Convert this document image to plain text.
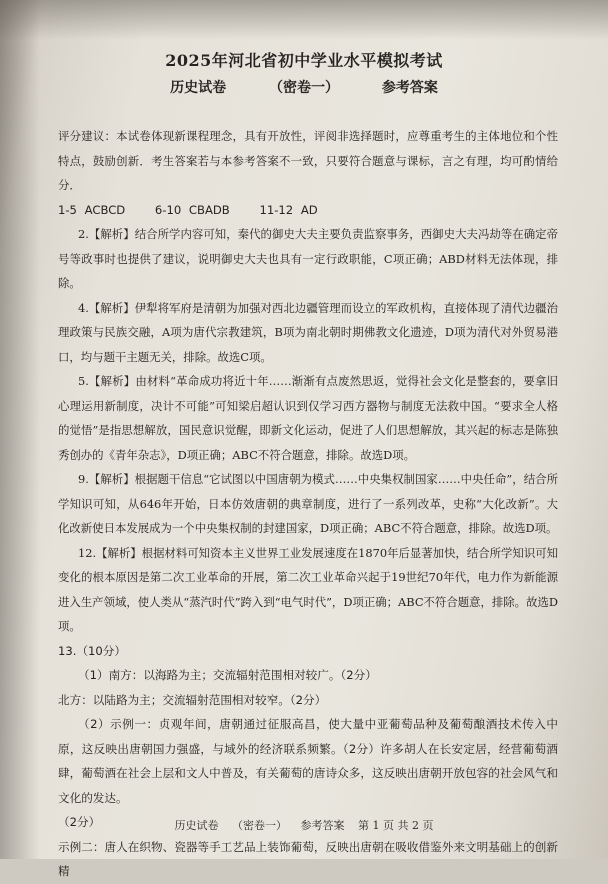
2025年河北省初中学业水平模拟考试
历史试卷	（密卷一）	参考答案

评分建议：本试卷体现新课程理念，具有开放性，评阅非选择题时，应尊重考生的主体地位和个性特点，鼓励创新．考生答案若与本参考答案不一致，只要符合题意与课标，言之有理，均可酌情给分．

1-5 ACBCD	6-10 CBADB	11-12 AD

2.【解析】结合所学内容可知，秦代的御史大夫主要负责监察事务，西御史大夫冯劫等在确定帝号等政事时也提供了建议，说明御史大夫也具有一定行政职能，C项正确；ABD材料无法体现，排除。

4.【解析】伊犁将军府是清朝为加强对西北边疆管理而设立的军政机构，直接体现了清代边疆治理政策与民族交融，A项为唐代宗教建筑，B项为南北朝时期佛教文化遗迹，D项为清代对外贸易港口，均与题干主题无关，排除。故选C项。

5.【解析】由材料“革命成功将近十年……渐渐有点废然思返，觉得社会文化是整套的，要拿旧心理运用新制度，决计不可能”可知梁启超认识到仅学习西方器物与制度无法救中国。“要求全人格的觉悟”是指思想解放，国民意识觉醒，即新文化运动，促进了人们思想解放，其兴起的标志是陈独秀创办的《青年杂志》，D项正确；ABC不符合题意，排除。故选D项。

9.【解析】根据题干信息“它试图以中国唐朝为模式……中央集权制国家……中央任命”，结合所学知识可知，从646年开始，日本仿效唐朝的典章制度，进行了一系列改革，史称“大化改新”。大化改新使日本发展成为一个中央集权制的封建国家，D项正确；ABC不符合题意，排除。故选D项。

12.【解析】根据材料可知资本主义世界工业发展速度在1870年后显著加快，结合所学知识可知变化的根本原因是第二次工业革命的开展，第二次工业革命兴起于19世纪70年代，电力作为新能源进入生产领域，使人类从“蒸汽时代”跨入到“电气时代”，D项正确；ABC不符合题意，排除。故选D项。

13.（10分）

（1）南方：以海路为主；交流辐射范围相对较广。（2分）

北方：以陆路为主；交流辐射范围相对较窄。（2分）

（2）示例一：贞观年间，唐朝通过征服高昌，使大量中亚葡萄品种及葡萄酿酒技术传入中原，这反映出唐朝国力强盛，与域外的经济联系频繁。（2分）许多胡人在长安定居，经营葡萄酒肆，葡萄酒在社会上层和文人中普及，有关葡萄的唐诗众多，这反映出唐朝开放包容的社会风气和文化的发达。

（2分）

示例二：唐人在织物、瓷器等手工艺品上装饰葡萄，反映出唐朝在吸收借鉴外来文明基础上的创新精

历史试卷 （密卷一） 参考答案 第 1 页 共 2 页
